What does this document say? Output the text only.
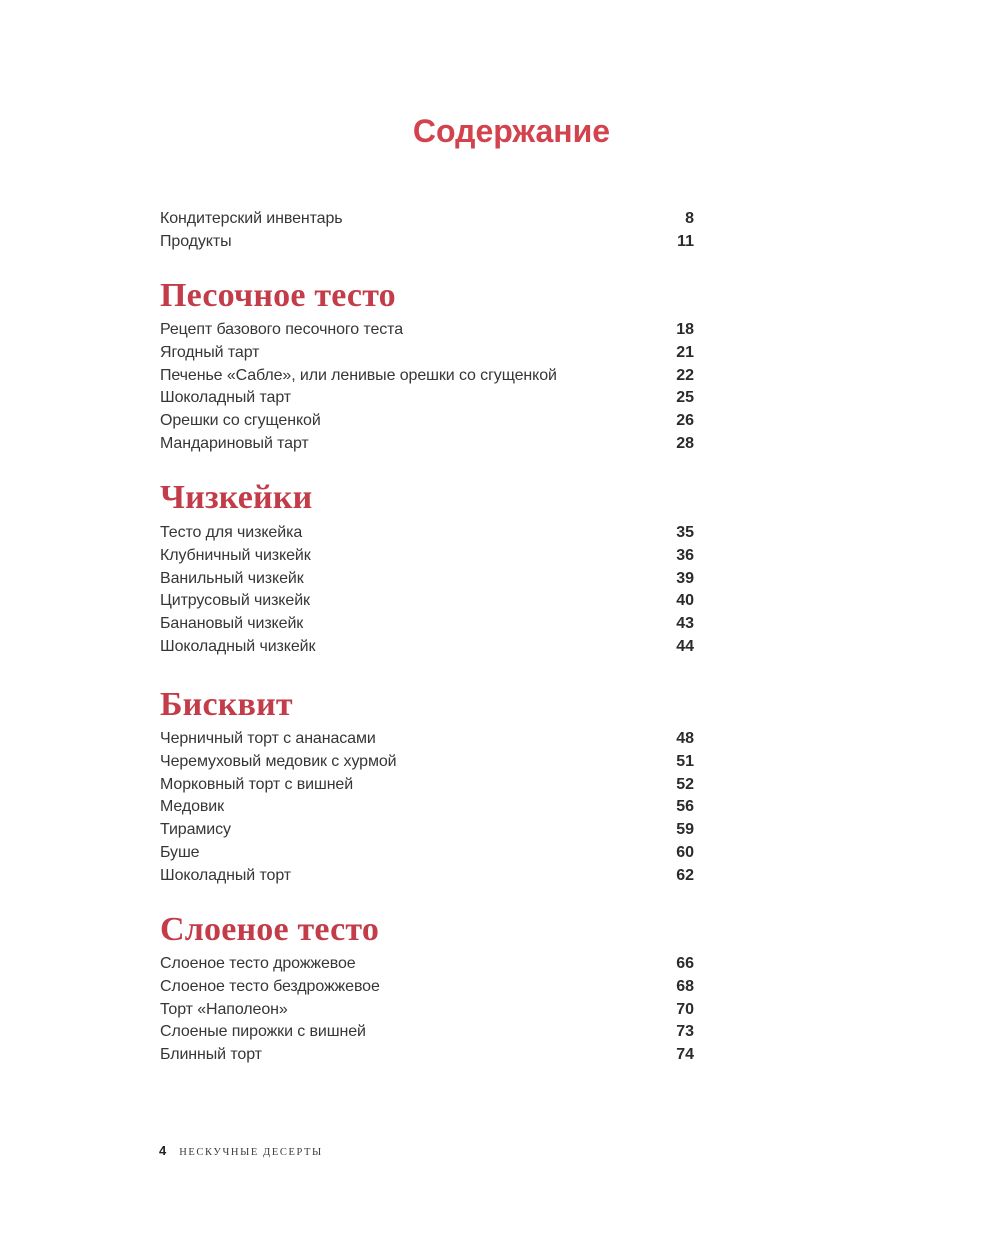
Содержание
Кондитерский инвентарь	8
Продукты	11
Песочное тесто
Рецепт базового песочного теста	18
Ягодный тарт	21
Печенье «Сабле», или ленивые орешки со сгущенкой	22
Шоколадный тарт	25
Орешки со сгущенкой	26
Мандариновый тарт	28
Чизкейки
Тесто для чизкейка	35
Клубничный чизкейк	36
Ванильный чизкейк	39
Цитрусовый чизкейк	40
Банановый чизкейк	43
Шоколадный чизкейк	44
Бисквит
Черничный торт с ананасами	48
Черемуховый медовик с хурмой	51
Морковный торт с вишней	52
Медовик	56
Тирамису	59
Буше	60
Шоколадный торт	62
Слоеное тесто
Слоеное тесто дрожжевое	66
Слоеное тесто бездрожжевое	68
Торт «Наполеон»	70
Слоеные пирожки с вишней	73
Блинный торт	74
4 НЕСКУЧНЫЕ ДЕСЕРТЫ
